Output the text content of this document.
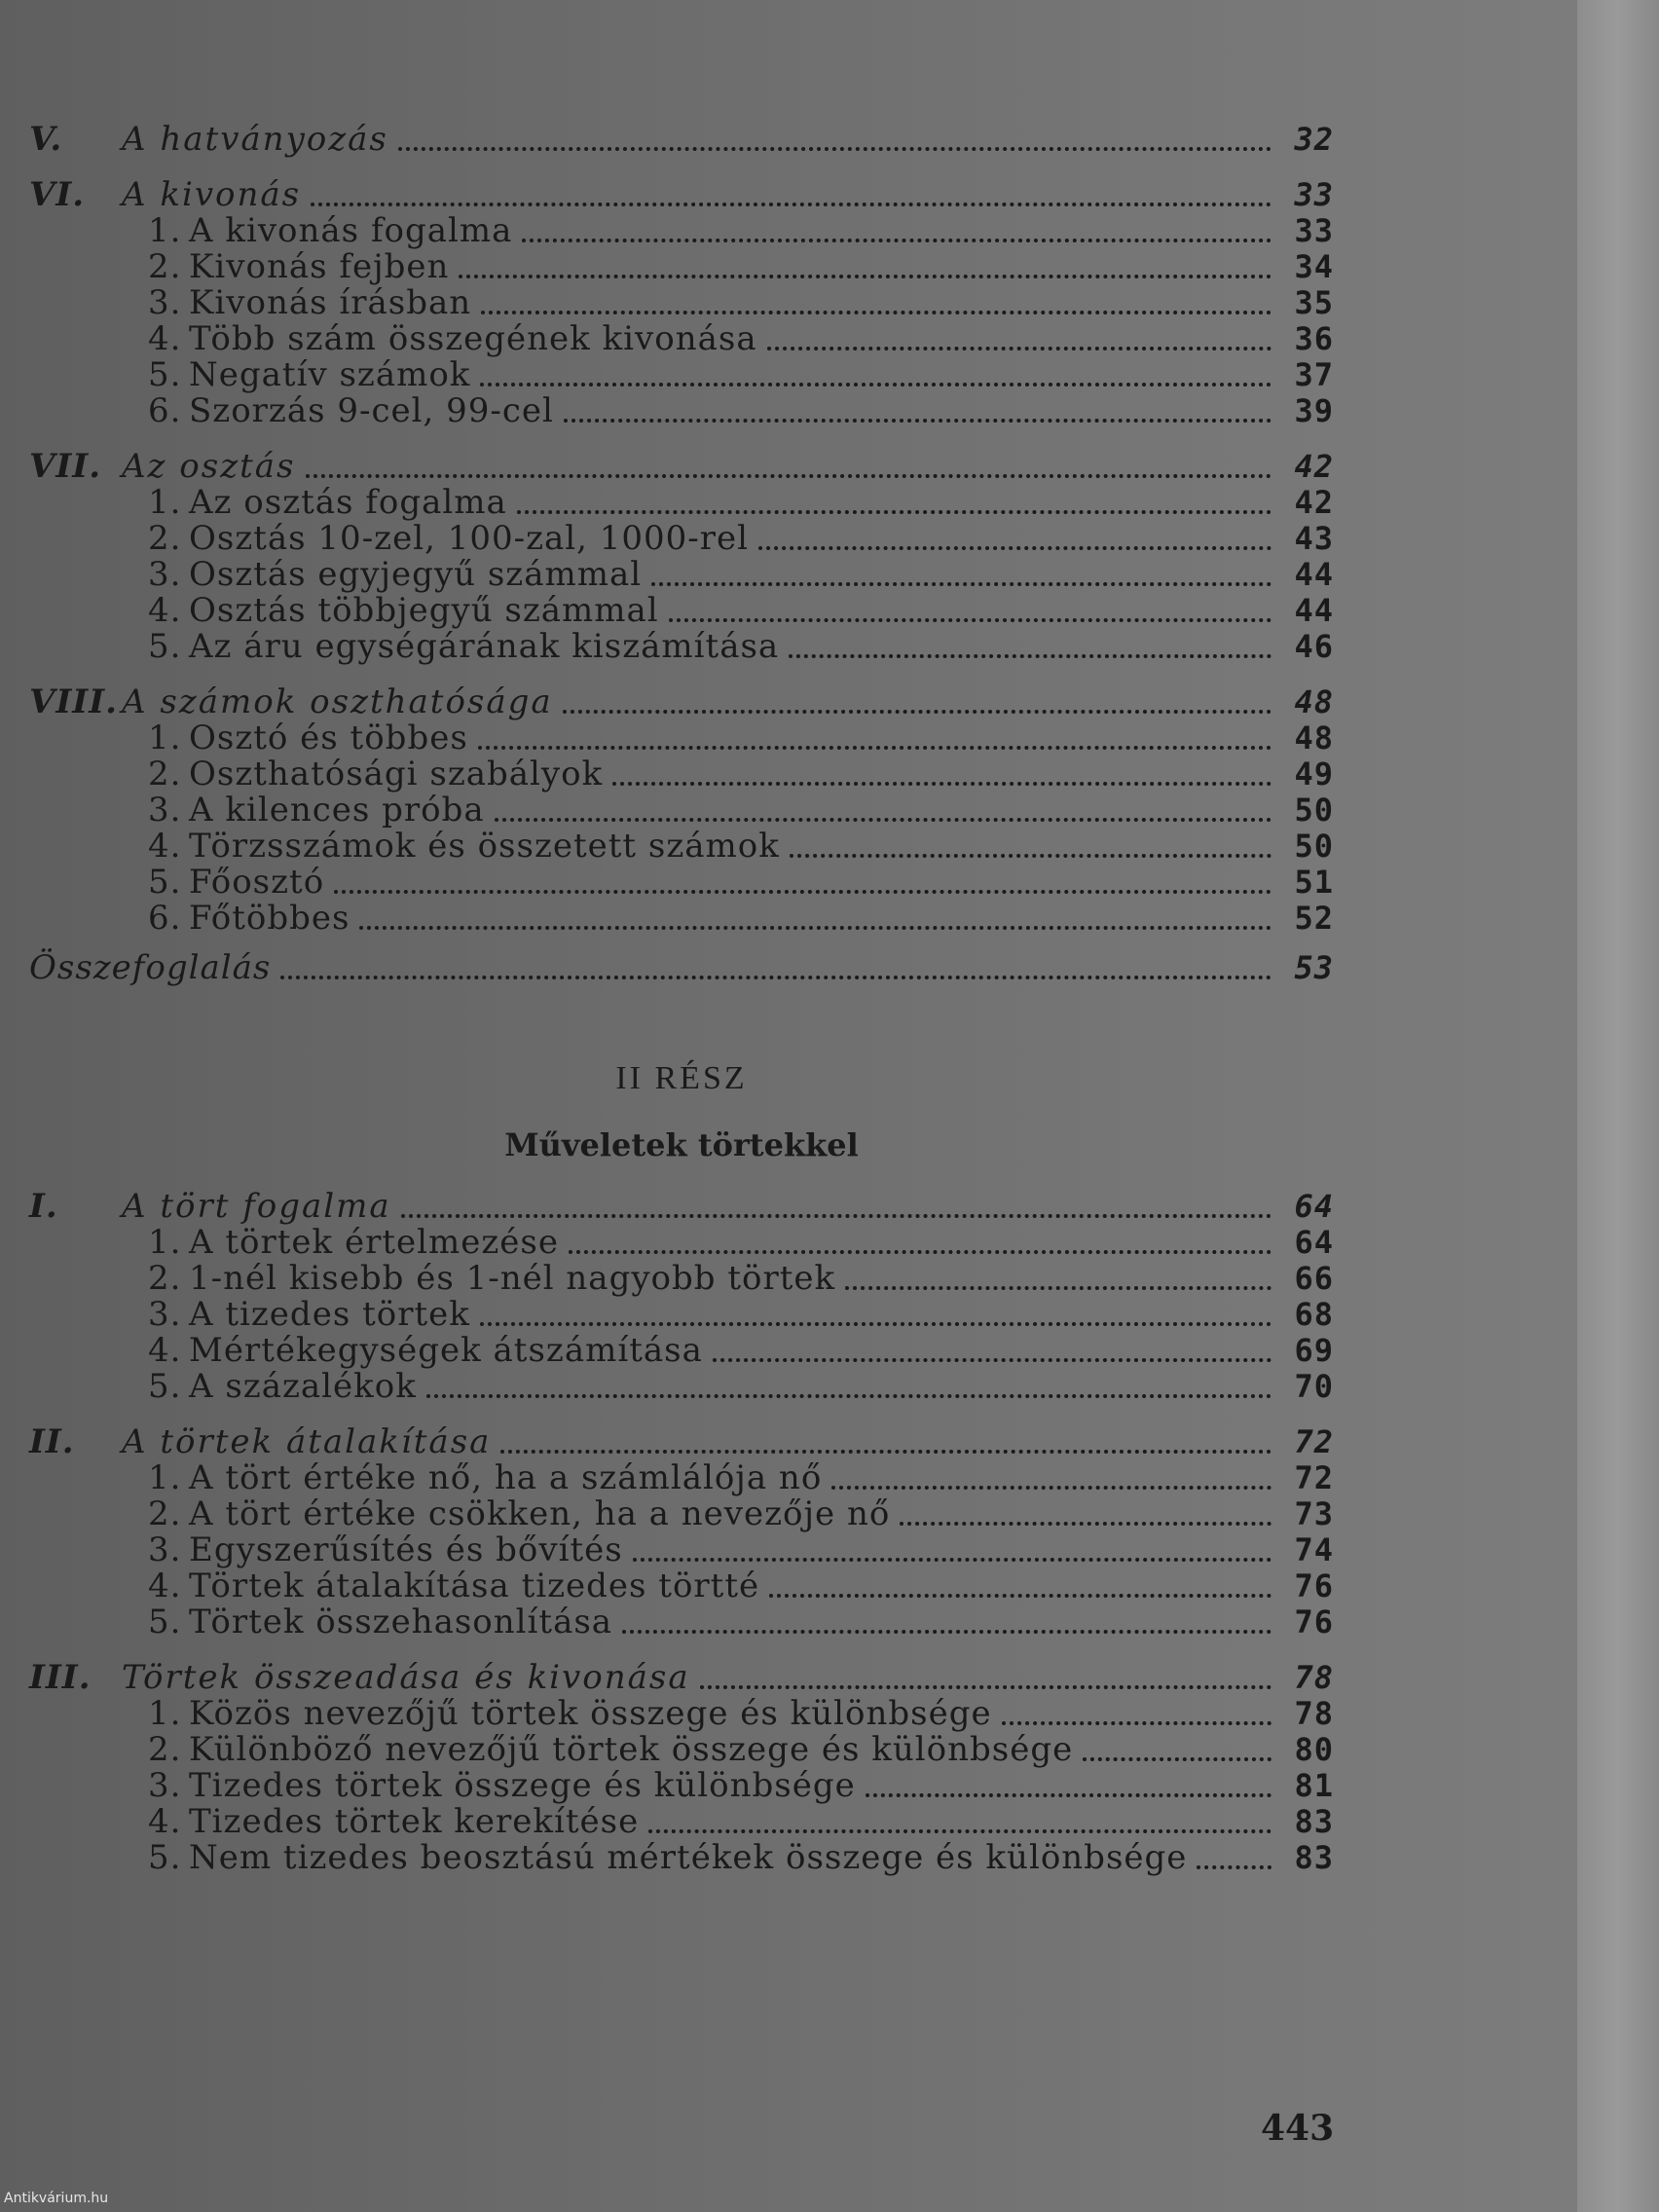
V.	A hatványozás	32
VI.	A kivonás	33
1. A kivonás fogalma	33
2. Kivonás fejben	34
3. Kivonás írásban	35
4. Több szám összegének kivonása	36
5. Negatív számok	37
6. Szorzás 9-cel, 99-cel	39
VII. Az osztás	42
1. Az osztás fogalma	42
2. Osztás 10-zel, 100-zal, 1000-rel	43
3. Osztás egyjegyű számmal	44
4. Osztás többjegyű számmal	44
5. Az áru egységárának kiszámítása	46
VIII. A számok oszthatósága	48
1. Osztó és többes	48
2. Oszthatósági szabályok	49
3. A kilences próba	50
4. Törzsszámok és összetett számok	50
5. Főosztó	51
6. Főtöbbes	52
Összefoglalás	53
II RÉSZ
Műveletek törtekkel
I.	A tört fogalma	64
1. A törtek értelmezése	64
2. 1-nél kisebb és 1-nél nagyobb törtek	66
3. A tizedes törtek	68
4. Mértékegységek átszámítása	69
5. A százalékok	70
II.	A törtek átalakítása	72
1. A tört értéke nő, ha a számlálója nő	72
2. A tört értéke csökken, ha a nevezője nő	73
3. Egyszerűsítés és bővítés	74
4. Törtek átalakítása tizedes törtté	76
5. Törtek összehasonlítása	76
III. Törtek összeadása és kivonása	78
1. Közös nevezőjű törtek összege és különbsége	78
2. Különböző nevezőjű törtek összege és különbsége	80
3. Tizedes törtek összege és különbsége	81
4. Tizedes törtek kerekítése	83
5. Nem tizedes beosztású mértékek összege és különbsége	83
443
Antikvárium.hu
